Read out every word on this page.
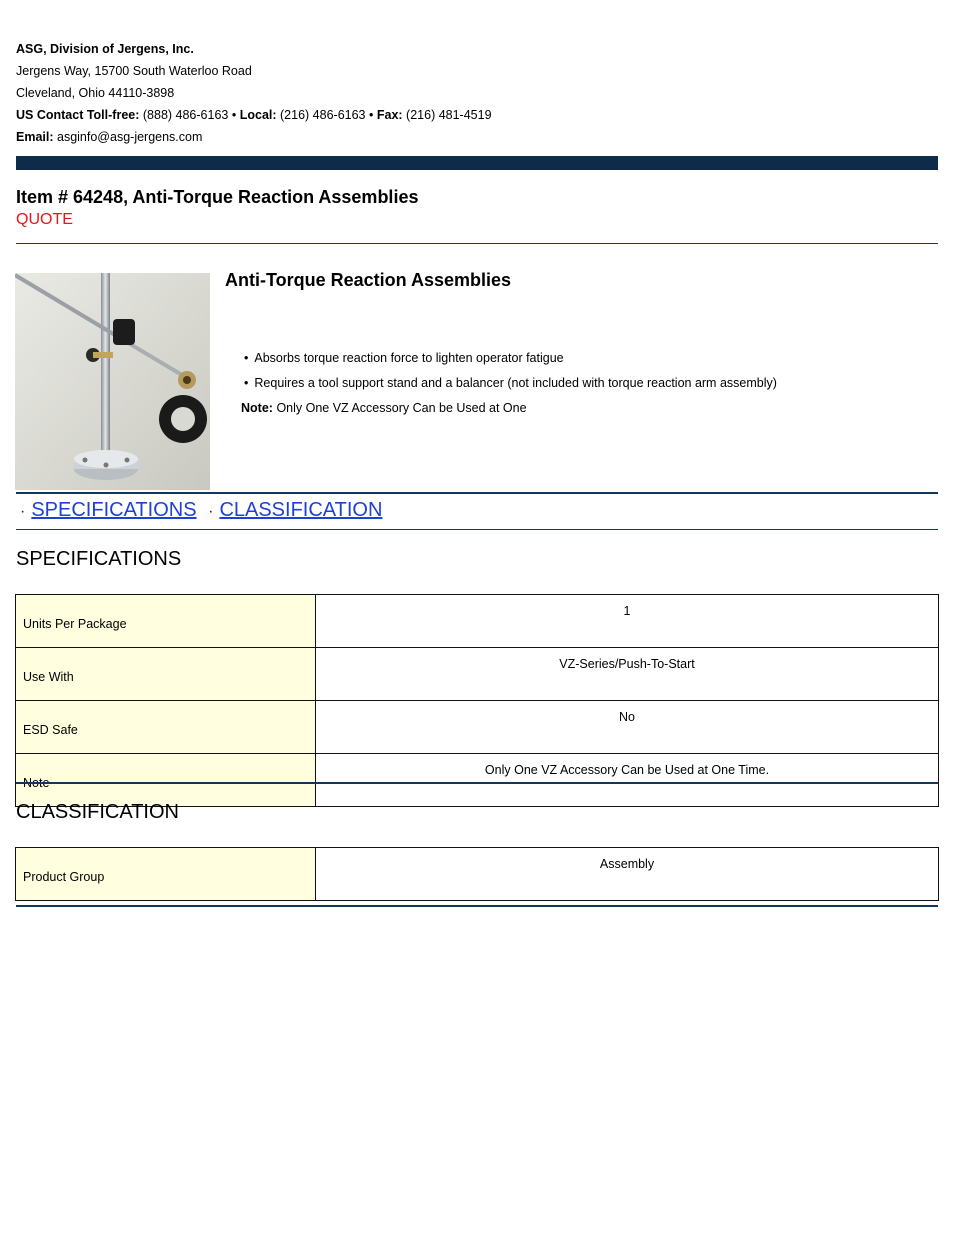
ASG, Division of Jergens, Inc.
Jergens Way, 15700 South Waterloo Road
Cleveland, Ohio 44110-3898
US Contact Toll-free: (888) 486-6163 • Local: (216) 486-6163 • Fax: (216) 481-4519
Email: asginfo@asg-jergens.com
Item # 64248, Anti-Torque Reaction Assemblies
QUOTE
Anti-Torque Reaction Assemblies
• Absorbs torque reaction force to lighten operator fatigue
• Requires a tool support stand and a balancer (not included with torque reaction arm assembly)
Note: Only One VZ Accessory Can be Used at One
· SPECIFICATIONS · CLASSIFICATION
SPECIFICATIONS
Units Per Package	1
Use With	VZ-Series/Push-To-Start
ESD Safe	No
Note	Only One VZ Accessory Can be Used at One Time.
CLASSIFICATION
Product Group	Assembly
